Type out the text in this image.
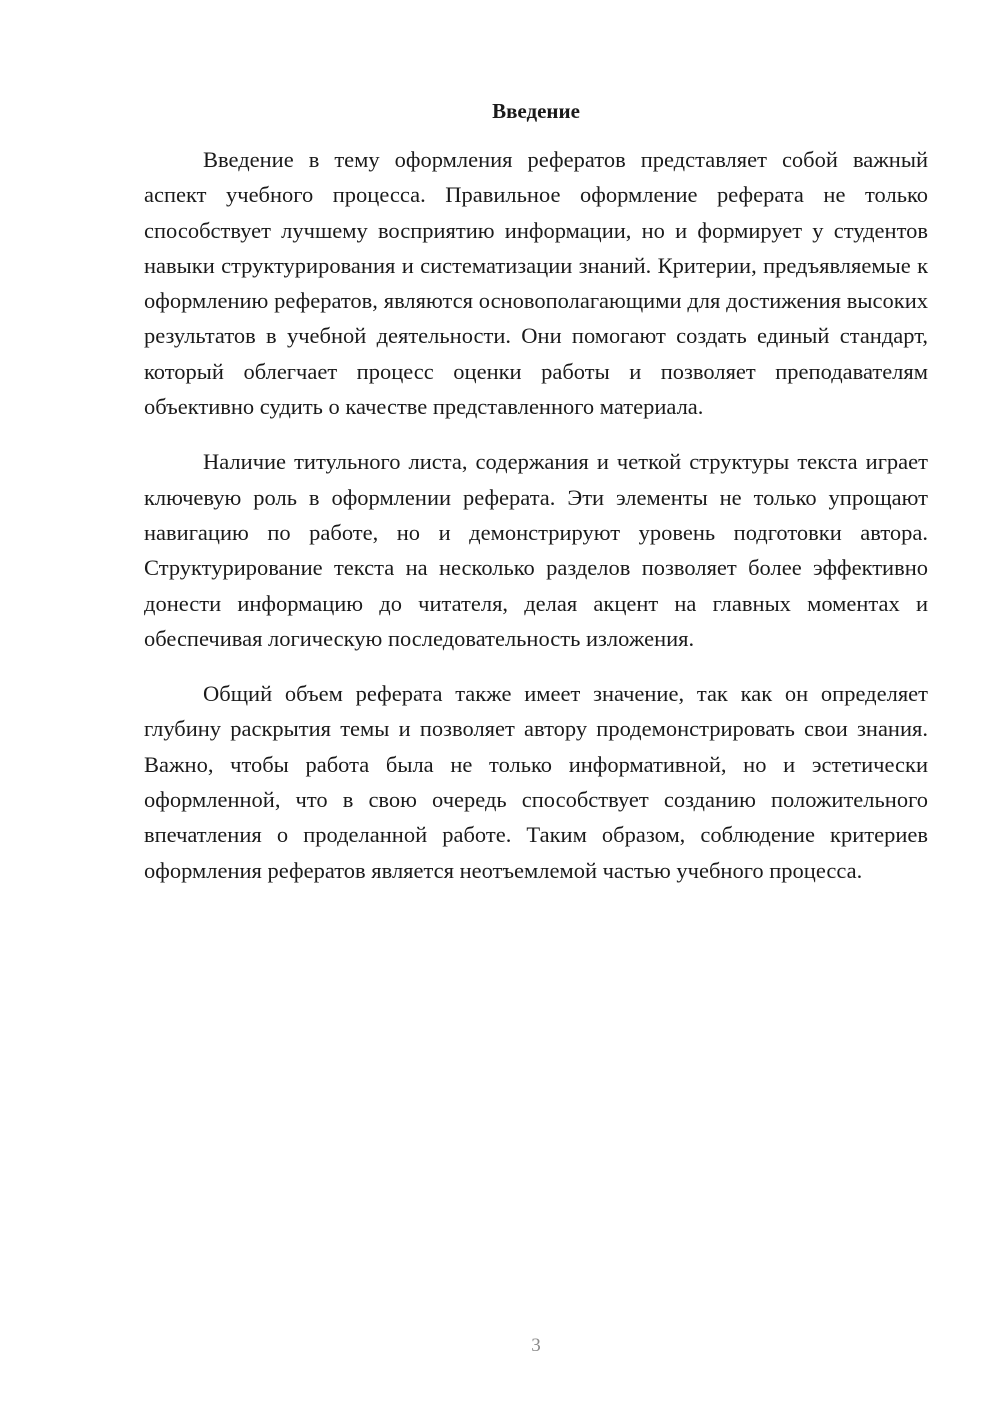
Введение

Введение в тему оформления рефератов представляет собой важный аспект учебного процесса. Правильное оформление реферата не только способствует лучшему восприятию информации, но и формирует у студентов навыки структурирования и систематизации знаний. Критерии, предъявляемые к оформлению рефератов, являются основополагающими для достижения высоких результатов в учебной деятельности. Они помогают создать единый стандарт, который облегчает процесс оценки работы и позволяет преподавателям объективно судить о качестве представленного материала.

Наличие титульного листа, содержания и четкой структуры текста играет ключевую роль в оформлении реферата. Эти элементы не только упрощают навигацию по работе, но и демонстрируют уровень подготовки автора. Структурирование текста на несколько разделов позволяет более эффективно донести информацию до читателя, делая акцент на главных моментах и обеспечивая логическую последовательность изложения.

Общий объем реферата также имеет значение, так как он определяет глубину раскрытия темы и позволяет автору продемонстрировать свои знания. Важно, чтобы работа была не только информативной, но и эстетически оформленной, что в свою очередь способствует созданию положительного впечатления о проделанной работе. Таким образом, соблюдение критериев оформления рефератов является неотъемлемой частью учебного процесса.

3
